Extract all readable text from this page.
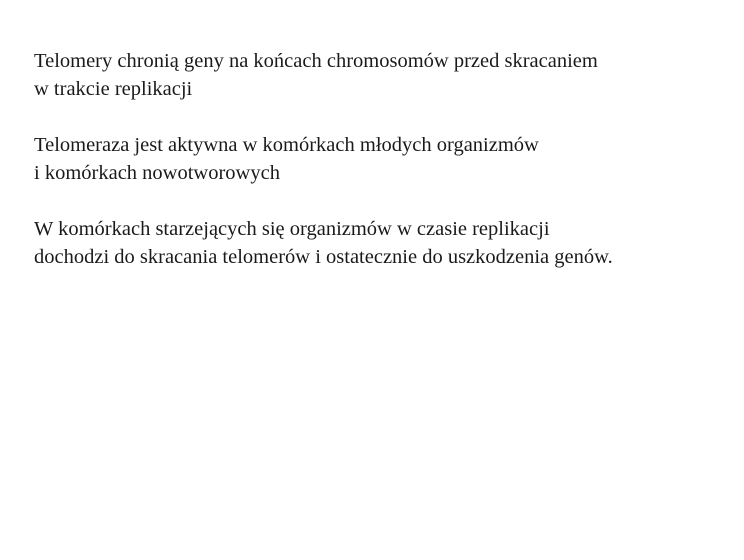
Telomery chronią geny na końcach chromosomów przed skracaniem
w trakcie replikacji

Telomeraza jest aktywna w komórkach młodych organizmów
i komórkach nowotworowych

W komórkach starzejących się organizmów w czasie replikacji
dochodzi do skracania telomerów i ostatecznie do uszkodzenia genów.
